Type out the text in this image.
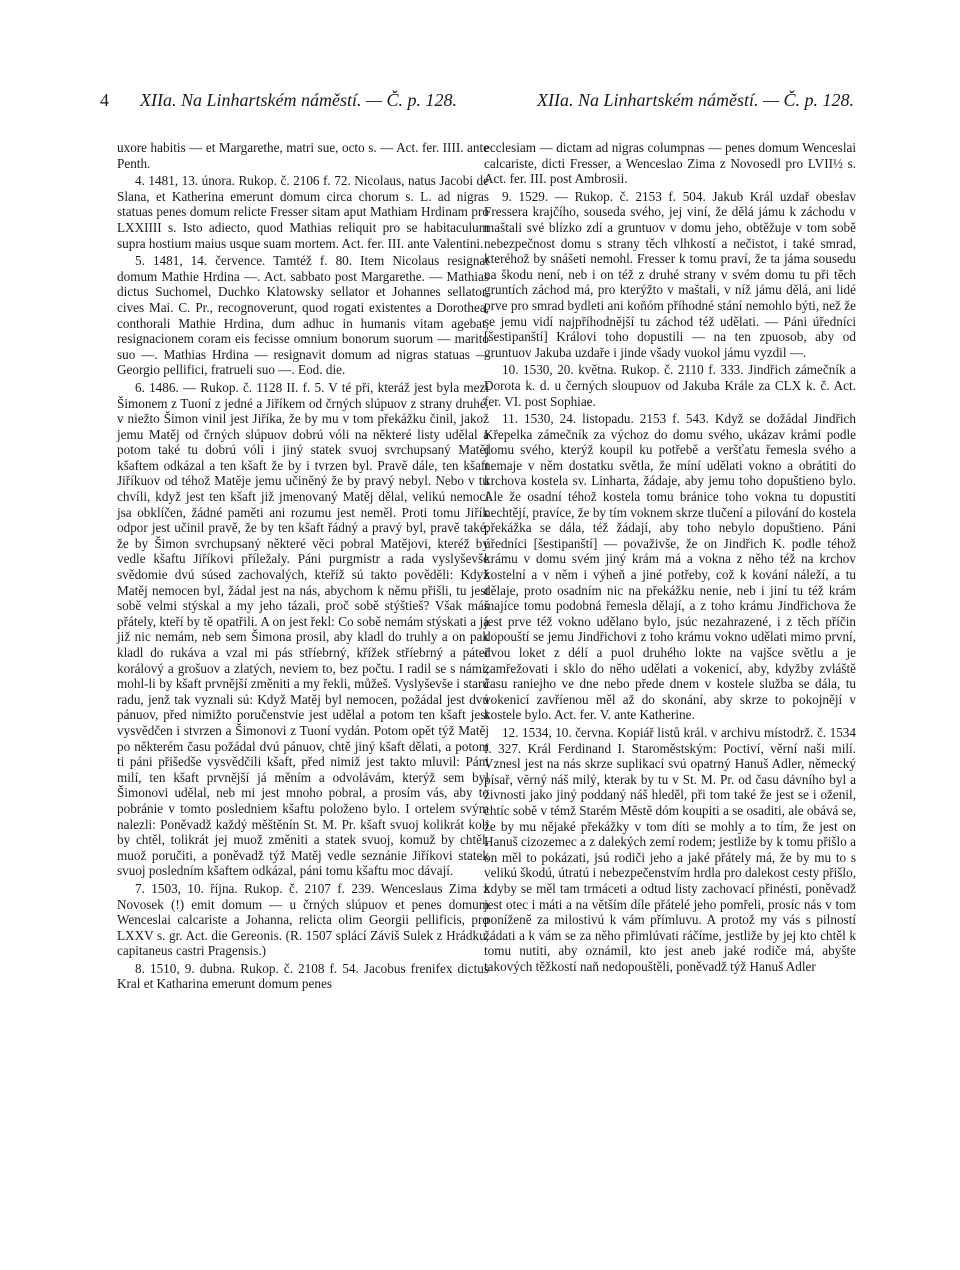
4 XIIa. Na Linhartském náměstí. — Č. p. 128.	XIIa. Na Linhartském náměstí. — Č. p. 128.

uxore habitis — et Margarethe, matri sue, octo s. — Act. fer. IIII. ante Penth.

4. 1481, 13. února. Rukop. č. 2106 f. 72. Nicolaus, natus Jacobi de Slana, et Katherina emerunt domum circa chorum s. L. ad nigras statuas penes domum relicte Fresser sitam aput Mathiam Hrdinam pro LXXIIII s. Isto adiecto, quod Mathias reliquit pro se habitaculum supra hostium maius usque suam mortem. Act. fer. III. ante Valentini.

5. 1481, 14. července. Tamtéž f. 80. Item Nicolaus resignat domum Mathie Hrdina —. Act. sabbato post Margarethe. — Mathias dictus Suchomel, Duchko Klatowsky sellator et Johannes sellator, cives Mai. C. Pr., recognoverunt, quod rogati existentes a Dorothea, conthorali Mathie Hrdina, dum adhuc in humanis vitam agebat, resignacionem coram eis fecisse omnium bonorum suorum — marito suo —. Mathias Hrdina — resignavit domum ad nigras statuas — Georgio pellifici, fratrueli suo —. Eod. die.

6. 1486. — Rukop. č. 1128 II. f. 5. V té při, kteráž jest byla mezi Šimonem z Tuoní z jedné a Jiříkem od črných slúpuov z strany druhé, v niežto Šimon vinil jest Jiříka, že by mu v tom překážku činil, jakož jemu Matěj od črných slúpuov dobrú vóli na některé listy udělal a potom také tu dobrú vóli i jiný statek svuoj svrchupsaný Matěj kšaftem odkázal a ten kšaft že by i tvrzen byl. Pravě dále, ten kšaft Jiříkuov od téhož Matěje jemu učiněný že by pravý nebyl. Nebo v tu chvíli, když jest ten kšaft již jmenovaný Matěj dělal, velikú nemocí jsa obklíčen, žádné paměti ani rozumu jest neměl. Proti tomu Jiřík odpor jest učinil pravě, že by ten kšaft řádný a pravý byl, pravě také, že by Šimon svrchupsaný některé věci pobral Matějovi, kteréž by vedle kšaftu Jiříkovi příležaly. Páni purgmistr a rada vyslyševše svědomie dvú súsed zachovalých, kteříž sú takto pověděli: Když Matěj nemocen byl, žádal jest na nás, abychom k němu přišli, tu jest sobě velmi stýskal a my jeho tázali, proč sobě stýštieš? Však máš přátely, kteří by tě opatřili. A on jest řekl: Co sobě nemám stýskati a já již nic nemám, neb sem Šimona prosil, aby kladl do truhly a on pak kladl do rukáva a vzal mi pás stříebrný, křížek stříebrný a páteř korálový a grošuov a zlatých, neviem to, bez počtu. I radil se s námi, mohl-li by kšaft prvnější změniti a my řekli, můžeš. Vyslyševše i starú radu, jenž tak vyznali sú: Když Matěj byl nemocen, požádal jest dvú pánuov, před nimižto poručenstvie jest udělal a potom ten kšaft jest vysvědčen i stvrzen a Šimonovi z Tuoní vydán. Potom opět týž Matěj po některém času požádal dvú pánuov, chtě jiný kšaft dělati, a potom ti páni přišedše vysvědčili kšaft, před nimiž jest takto mluvil: Páni milí, ten kšaft prvnější já měním a odvolávám, kterýž sem byl Šimonovi udělal, neb mi jest mnoho pobral, a prosím vás, aby to pobránie v tomto posledniem kšaftu položeno bylo. I ortelem svým nalezli: Poněvadž každý měštěnín St. M. Pr. kšaft svuoj kolikrát koli by chtěl, tolikrát jej muož změniti a statek svuoj, komuž by chtěl, muož poručiti, a poněvadž týž Matěj vedle seznánie Jiříkovi statek svuoj posledním kšaftem odkázal, páni tomu kšaftu moc dávají.

7. 1503, 10. října. Rukop. č. 2107 f. 239. Wenceslaus Zima z Novosek (!) emit domum — u črných slúpuov et penes domum Wenceslai calcariste a Johanna, relicta olim Georgii pellificis, pro LXXV s. gr. Act. die Gereonis. (R. 1507 splácí Záviš Sulek z Hrádku, capitaneus castri Pragensis.)

8. 1510, 9. dubna. Rukop. č. 2108 f. 54. Jacobus frenifex dictus Kral et Katharina emerunt domum penes

ecclesiam — dictam ad nigras columpnas — penes domum Wenceslai calcariste, dicti Fresser, a Wenceslao Zima z Novosedl pro LVII½ s. Act. fer. III. post Ambrosii.

9. 1529. — Rukop. č. 2153 f. 504. Jakub Král uzdař obeslav Fressera krajčího, souseda svého, jej viní, že dělá jámu k záchodu v maštali své blízko zdí a gruntuov v domu jeho, obtěžuje v tom sobě nebezpečnost domu s strany těch vlhkostí a nečistot, i také smrad, kteréhož by snášeti nemohl. Fresser k tomu praví, že ta jáma sousedu na škodu není, neb i on též z druhé strany v svém domu tu při těch gruntích záchod má, pro kterýžto v maštali, v níž jámu dělá, ani lidé prve pro smrad bydleti ani koňóm příhodné stání nemohlo býti, než že se jemu vidí najpříhodnější tu záchod též udělati. — Páni úředníci [šestipanští] Královi toho dopustili — na ten zpuosob, aby od gruntuov Jakuba uzdaře i jinde všady vuokol jámu vyzdil —.

10. 1530, 20. května. Rukop. č. 2110 f. 333. Jindřich zámečník a Dorota k. d. u černých sloupuov od Jakuba Krále za CLX k. č. Act. fer. VI. post Sophiae.

11. 1530, 24. listopadu. 2153 f. 543. Když se dožádal Jindřich Křepelka zámečník za výchoz do domu svého, ukázav krámi podle domu svého, kterýž koupil ku potřebě a veršťatu řemesla svého a nemaje v něm dostatku světla, že míní udělati vokno a obrátiti do krchova kostela sv. Linharta, žádaje, aby jemu toho dopuštieno bylo. Ale že osadní téhož kostela tomu bránice toho vokna tu dopustiti nechtějí, pravíce, že by tím voknem skrze tlučení a pilování do kostela překážka se dála, též žádají, aby toho nebylo dopuštieno. Páni úředníci [šestipanští] — považivše, že on Jindřich K. podle téhož krámu v domu svém jiný krám má a vokna z něho též na krchov kostelní a v něm i výheň a jiné potřeby, což k kování náleží, a tu dělaje, proto osadním nic na překážku nenie, neb i jiní tu též krám majíce tomu podobná řemesla dělají, a z toho krámu Jindřichova že jest prve též vokno udělano bylo, jsúc nezahrazené, i z těch příčin dopouští se jemu Jindřichovi z toho krámu vokno udělati mimo první, dvou loket z délí a puol druhého lokte na vajšce světlu a je zamřežovati i sklo do něho udělati a vokenicí, aby, kdyžby zvláště času raniejho ve dne nebo přede dnem v kostele služba se dála, tu vokenicí zavříenou měl až do skonání, aby skrze to pokojnějí v kostele bylo. Act. fer. V. ante Katherine.

12. 1534, 10. června. Kopiář listů král. v archivu místodrž. č. 1534 f. 327. Král Ferdinand I. Staroměstským: Poctiví, věrní naši milí. Vznesl jest na nás skrze suplikací svú opatrný Hanuš Adler, německý písař, věrný náš milý, kterak by tu v St. M. Pr. od času dávního byl a živnosti jako jiný poddaný náš hleděl, při tom také že jest se i oženil, chtíc sobě v témž Starém Městě dóm koupiti a se osaditi, ale obává se, že by mu nějaké překážky v tom díti se mohly a to tím, že jest on Hanuš cizozemec a z dalekých zemí rodem; jestliže by k tomu přišlo a on měl to pokázati, jsú rodiči jeho a jaké přátely má, že by mu to s velikú škodú, útratú i nebezpečenstvím hrdla pro dalekost cesty přišlo, kdyby se měl tam trmáceti a odtud listy zachovací přinésti, poněvadž jest otec i máti a na větším díle přátelé jeho pomřeli, prosíc nás v tom poníženě za milostivú k vám přímluvu. A protož my vás s pilností žádati a k vám se za něho přimlúvati ráčíme, jestliže by jej kto chtěl k tomu nutiti, aby oznámil, kto jest aneb jaké rodiče má, abyšte takových těžkostí naň nedopouštěli, poněvadž týž Hanuš Adler
